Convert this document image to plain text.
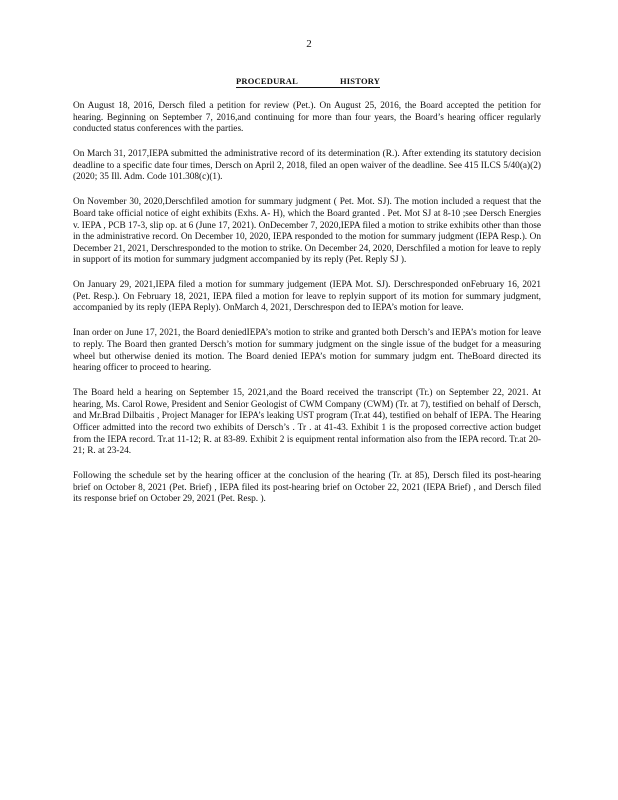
2
PROCEDURAL	HISTORY

On August 18, 2016, Dersch filed a petition for review (Pet.). On August 25, 2016, the Board accepted the petition for hearing. Beginning on September 7, 2016,and continuing for more than four years, the Board’s hearing officer regularly conducted status conferences with the parties.

On March 31, 2017,IEPA submitted the administrative record of its determination (R.). After extending its statutory decision deadline to a specific date four times, Dersch on April 2, 2018, filed an open waiver of the deadline. See 415 ILCS 5/40(a)(2) (2020; 35 Ill. Adm. Code 101.308(c)(1).

On November 30, 2020,Derschfiled amotion for summary judgment ( Pet. Mot. SJ). The motion included a request that the Board take official notice of eight exhibits (Exhs. A- H), which the Board granted . Pet. Mot SJ at 8-10 ;see Dersch Energies v. IEPA , PCB 17-3, slip op. at 6 (June 17, 2021). OnDecember 7, 2020,IEPA filed a motion to strike exhibits other than those in the administrative record. On December 10, 2020, IEPA responded to the motion for summary judgment (IEPA Resp.). On December 21, 2021, Derschresponded to the motion to strike. On December 24, 2020, Derschfiled a motion for leave to reply in support of its motion for summary judgment accompanied by its reply (Pet. Reply SJ ).

On January 29, 2021,IEPA filed a motion for summary judgement (IEPA Mot. SJ). Derschresponded onFebruary 16, 2021 (Pet. Resp.). On February 18, 2021, IEPA filed a motion for leave to replyin support of its motion for summary judgment, accompanied by its reply (IEPA Reply). OnMarch 4, 2021, Derschrespon ded to IEPA’s motion for leave.

Inan order on June 17, 2021, the Board deniedIEPA’s motion to strike and granted both Dersch’s and IEPA’s motion for leave to reply. The Board then granted Dersch’s motion for summary judgment on the single issue of the budget for a measuring wheel but otherwise denied its motion. The Board denied IEPA’s motion for summary judgm ent. TheBoard directed its hearing officer to proceed to hearing.

The Board held a hearing on September 15, 2021,and the Board received the transcript (Tr.) on September 22, 2021. At hearing, Ms. Carol Rowe, President and Senior Geologist of CWM Company (CWM) (Tr. at 7), testified on behalf of Dersch, and Mr.Brad Dilbaitis , Project Manager for IEPA’s leaking UST program (Tr.at 44), testified on behalf of IEPA. The Hearing Officer admitted into the record two exhibits of Dersch’s . Tr . at 41-43. Exhibit 1 is the proposed corrective action budget from the IEPA record. Tr.at 11-12; R. at 83-89. Exhibit 2 is equipment rental information also from the IEPA record. Tr.at 20-21; R. at 23-24.

Following the schedule set by the hearing officer at the conclusion of the hearing (Tr. at 85), Dersch filed its post-hearing brief on October 8, 2021 (Pet. Brief) , IEPA filed its post-hearing brief on October 22, 2021 (IEPA Brief) , and Dersch filed its response brief on October 29, 2021 (Pet. Resp. ).
